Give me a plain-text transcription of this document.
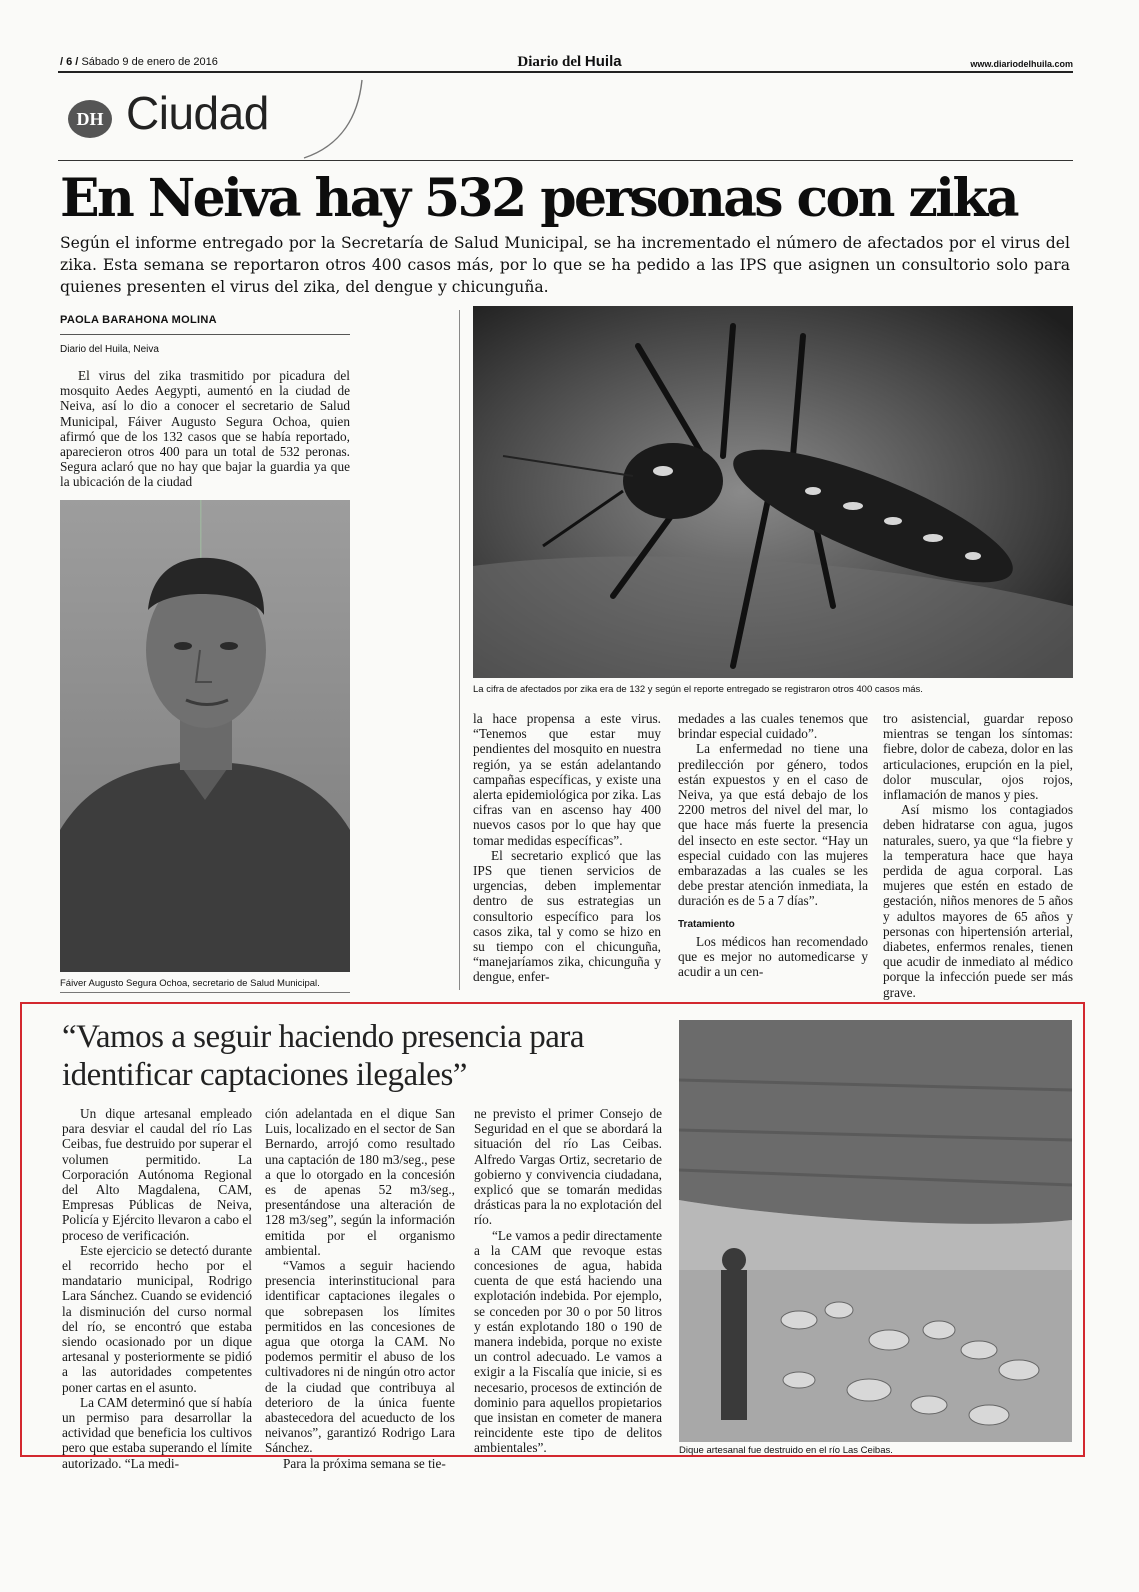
/ 6 / Sábado 9 de enero de 2016	Diario del Huila	www.diariodelhuila.com
DH Ciudad
En Neiva hay 532 personas con zika
Según el informe entregado por la Secretaría de Salud Municipal, se ha incrementado el número de afectados por el virus del zika. Esta semana se reportaron otros 400 casos más, por lo que se ha pedido a las IPS que asignen un consultorio solo para quienes presenten el virus del zika, del dengue y chicunguña.
PAOLA BARAHONA MOLINA
Diario del Huila, Neiva

El virus del zika trasmitido por picadura del mosquito Aedes Aegypti, aumentó en la ciudad de Neiva, así lo dio a conocer el secretario de Salud Municipal, Fáiver Augusto Segura Ochoa, quien afirmó que de los 132 casos que se había reportado, aparecieron otros 400 para un total de 532 peronas. Segura aclaró que no hay que bajar la guardia ya que la ubicación de la ciudad

Fáiver Augusto Segura Ochoa, secretario de Salud Municipal.
La cifra de afectados por zika era de 132 y según el reporte entregado se registraron otros 400 casos más.

la hace propensa a este virus. “Tenemos que estar muy pendientes del mosquito en nuestra región, ya se están adelantando campañas específicas, y existe una alerta epidemiológica por zika. Las cifras van en ascenso hay 400 nuevos casos por lo que hay que tomar medidas específicas”.

El secretario explicó que las IPS que tienen servicios de urgencias, deben implementar dentro de sus estrategias un consultorio específico para los casos zika, tal y como se hizo en su tiempo con el chicunguña, “manejaríamos zika, chicunguña y dengue, enfer-

medades a las cuales tenemos que brindar especial cuidado”.

La enfermedad no tiene una predilección por género, todos están expuestos y en el caso de Neiva, ya que está debajo de los 2200 metros del nivel del mar, lo que hace más fuerte la presencia del insecto en este sector. “Hay un especial cuidado con las mujeres embarazadas a las cuales se les debe prestar atención inmediata, la duración es de 5 a 7 días”.

Tratamiento

Los médicos han recomendado que es mejor no automedicarse y acudir a un cen-

tro asistencial, guardar reposo mientras se tengan los síntomas: fiebre, dolor de cabeza, dolor en las articulaciones, erupción en la piel, dolor muscular, ojos rojos, inflamación de manos y pies.

Así mismo los contagiados deben hidratarse con agua, jugos naturales, suero, ya que “la fiebre y la temperatura hace que haya perdida de agua corporal. Las mujeres que estén en estado de gestación, niños menores de 5 años y adultos mayores de 65 años y personas con hipertensión arterial, diabetes, enfermos renales, tienen que acudir de inmediato al médico porque la infección puede ser más grave.

“Vamos a seguir haciendo presencia para identificar captaciones ilegales”

Un dique artesanal empleado para desviar el caudal del río Las Ceibas, fue destruido por superar el volumen permitido. La Corporación Autónoma Regional del Alto Magdalena, CAM, Empresas Públicas de Neiva, Policía y Ejército llevaron a cabo el proceso de verificación.

Este ejercicio se detectó durante el recorrido hecho por el mandatario municipal, Rodrigo Lara Sánchez. Cuando se evidenció la disminución del curso normal del río, se encontró que estaba siendo ocasionado por un dique artesanal y posteriormente se pidió a las autoridades competentes poner cartas en el asunto.

La CAM determinó que sí había un permiso para desarrollar la actividad que beneficia los cultivos pero que estaba superando el límite autorizado. “La medi-

ción adelantada en el dique San Luis, localizado en el sector de San Bernardo, arrojó como resultado una captación de 180 m3/seg., pese a que lo otorgado en la concesión es de apenas 52 m3/seg., presentándose una alteración de 128 m3/seg”, según la información emitida por el organismo ambiental.

“Vamos a seguir haciendo presencia interinstitucional para identificar captaciones ilegales o que sobrepasen los límites permitidos en las concesiones de agua que otorga la CAM. No podemos permitir el abuso de los cultivadores ni de ningún otro actor de la ciudad que contribuya al deterioro de la única fuente abastecedora del acueducto de los neivanos”, garantizó Rodrigo Lara Sánchez.

Para la próxima semana se tie-

ne previsto el primer Consejo de Seguridad en el que se abordará la situación del río Las Ceibas. Alfredo Vargas Ortiz, secretario de gobierno y convivencia ciudadana, explicó que se tomarán medidas drásticas para la no explotación del río.

“Le vamos a pedir directamente a la CAM que revoque estas concesiones de agua, habida cuenta de que está haciendo una explotación indebida. Por ejemplo, se conceden por 30 o por 50 litros y están explotando 180 o 190 de manera indebida, porque no existe un control adecuado. Le vamos a exigir a la Fiscalía que inicie, si es necesario, procesos de extinción de dominio para aquellos propietarios que insistan en cometer de manera reincidente este tipo de delitos ambientales”.	Dique artesanal fue destruido en el río Las Ceibas.
